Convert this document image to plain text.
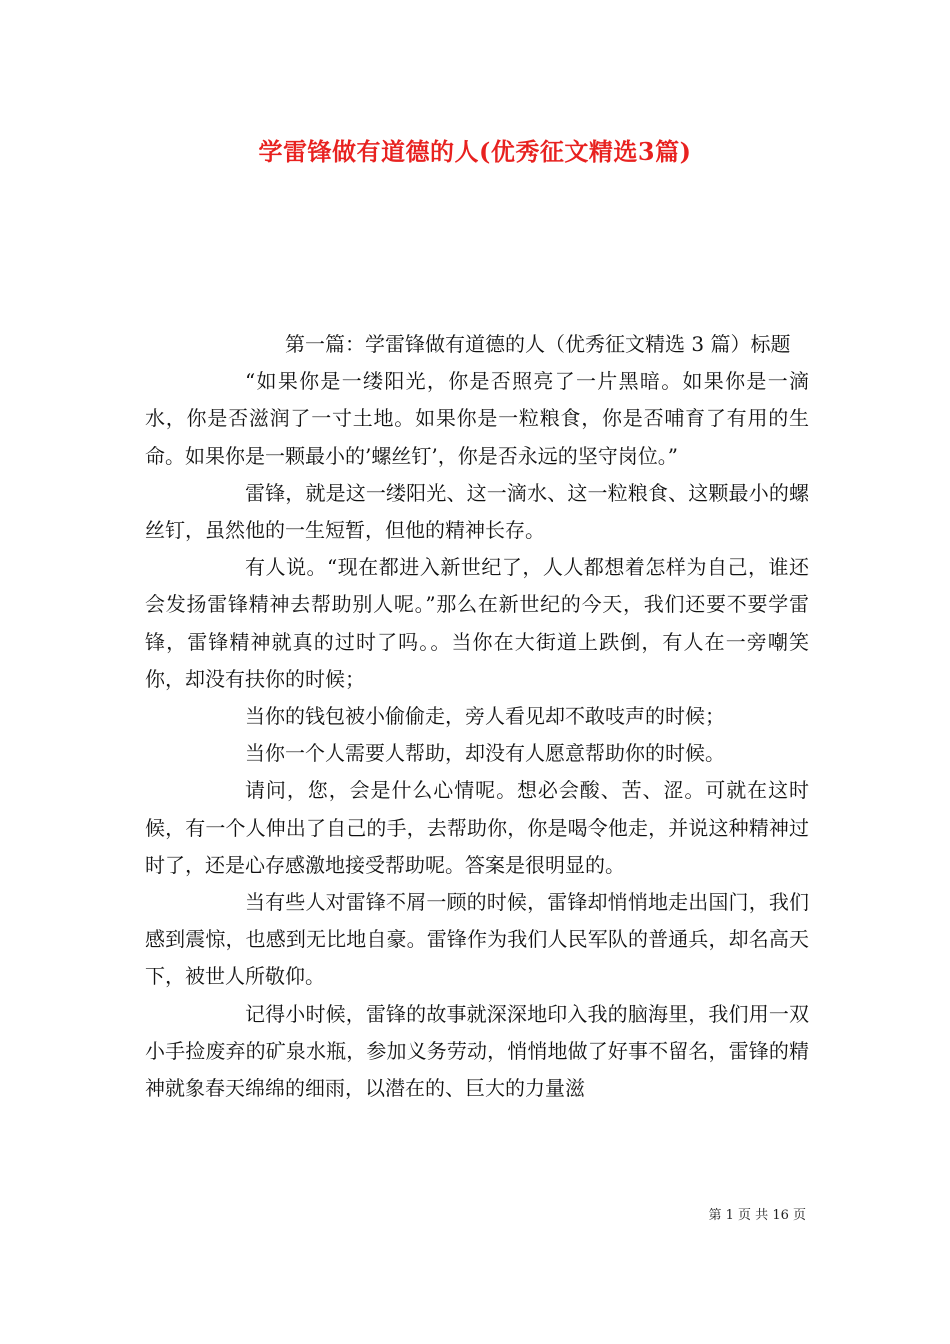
学雷锋做有道德的人(优秀征文精选3篇)

第一篇：学雷锋做有道德的人（优秀征文精选 3 篇）标题

“如果你是一缕阳光，你是否照亮了一片黑暗。如果你是一滴水，你是否滋润了一寸土地。如果你是一粒粮食，你是否哺育了有用的生命。如果你是一颗最小的’螺丝钉’，你是否永远的坚守岗位。”

雷锋，就是这一缕阳光、这一滴水、这一粒粮食、这颗最小的螺丝钉，虽然他的一生短暂，但他的精神长存。

有人说。“现在都进入新世纪了，人人都想着怎样为自己，谁还会发扬雷锋精神去帮助别人呢。”那么在新世纪的今天，我们还要不要学雷锋，雷锋精神就真的过时了吗。。当你在大街道上跌倒，有人在一旁嘲笑你，却没有扶你的时候；

当你的钱包被小偷偷走，旁人看见却不敢吱声的时候；

当你一个人需要人帮助，却没有人愿意帮助你的时候。

请问，您，会是什么心情呢。想必会酸、苦、涩。可就在这时候，有一个人伸出了自己的手，去帮助你，你是喝令他走，并说这种精神过时了，还是心存感激地接受帮助呢。答案是很明显的。

当有些人对雷锋不屑一顾的时候，雷锋却悄悄地走出国门，我们感到震惊，也感到无比地自豪。雷锋作为我们人民军队的普通兵，却名高天下，被世人所敬仰。

记得小时候，雷锋的故事就深深地印入我的脑海里，我们用一双小手捡废弃的矿泉水瓶，参加义务劳动，悄悄地做了好事不留名，雷锋的精神就象春天绵绵的细雨，以潜在的、巨大的力量滋

第 1 页 共 16 页
